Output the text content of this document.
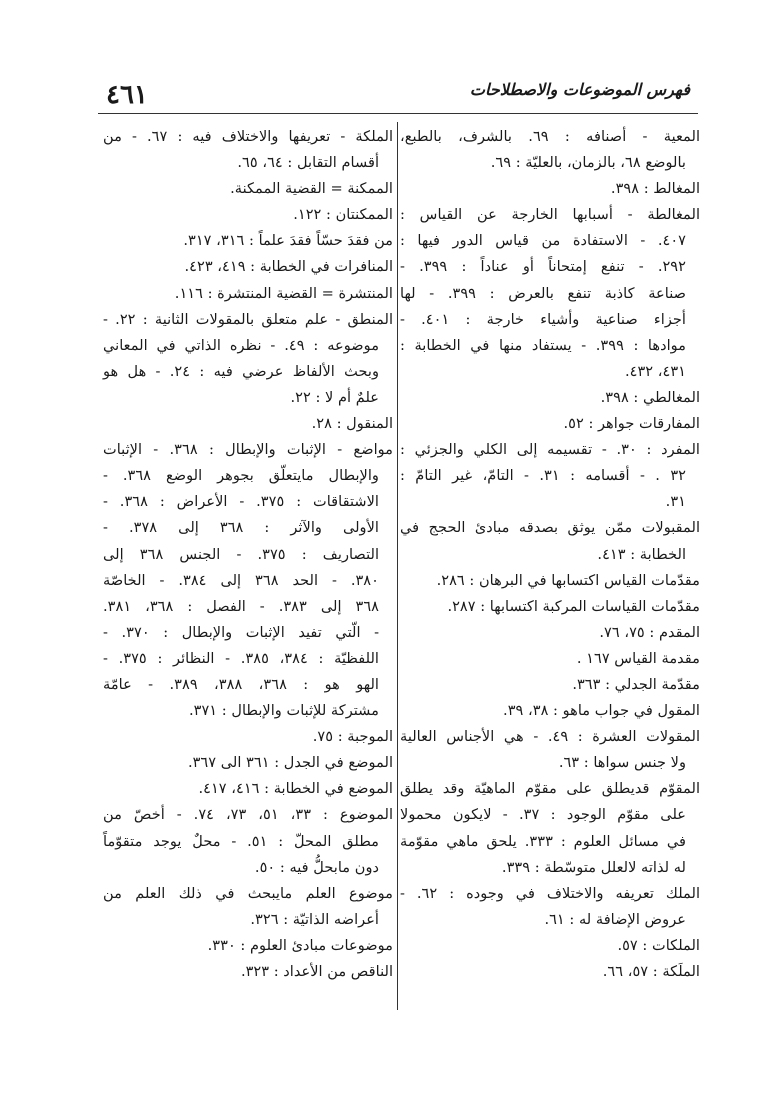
٤٦١	فهرس الموضوعات والاصطلاحات
المعية - أصنافه : ٦٩. بالشرف، بالطبع،
بالوضع ٦٨، بالزمان، بالعليّة : ٦٩.
المغالط : ٣٩٨.
المغالطة - أسبابها الخارجة عن القياس :
٤٠٧. - الاستفادة من قياس الدور فيها :
٢٩٢. - تنفع إمتحاناً أو عناداً : ٣٩٩. -
صناعة كاذبة تنفع بالعرض : ٣٩٩. - لها
أجزاء صناعية وأشياء خارجة : ٤٠١. -
موادها : ٣٩٩. - يستفاد منها في الخطابة :
٤٣١، ٤٣٢.
المغالطي : ٣٩٨.
المفارقات جواهر : ٥٢.
المفرد : ٣٠. - تقسيمه إلى الكلي والجزئي :
٣٢ . - أقسامه : ٣١. - التامّ، غير التامّ :
٣١.
المقبولات ممّن يوثق بصدقه مبادئ الحجج في
الخطابة : ٤١٣.
مقدّمات القياس اكتسابها في البرهان : ٢٨٦.
مقدّمات القياسات المركبة اكتسابها : ٢٨٧.
المقدم : ٧٥، ٧٦.
مقدمة القياس ١٦٧ .
مقدّمة الجدلي : ٣٦٣.
المقول في جواب ماهو : ٣٨، ٣٩.
المقولات العشرة : ٤٩. - هي الأجناس العالية
ولا جنس سواها : ٦٣.
المقوّم قديطلق على مقوّم الماهيّة وقد يطلق
على مقوّم الوجود : ٣٧. - لايكون محمولا
في مسائل العلوم : ٣٣٣. يلحق ماهي مقوّمة
له لذاته لالعلل متوسّطة : ٣٣٩.
الملك تعريفه والاختلاف في وجوده : ٦٢. -
عروض الإضافة له : ٦١.
الملكات : ٥٧.
الملَكة : ٥٧، ٦٦.
الملكة - تعريفها والاختلاف فيه : ٦٧. - من
أقسام التقابل : ٦٤، ٦٥.
الممكنة = القضية الممكنة.
الممكنتان : ١٢٢.
من فقدَ حسّاً فقدَ علماً : ٣١٦، ٣١٧.
المنافرات في الخطابة : ٤١٩، ٤٢٣.
المنتشرة = القضية المنتشرة : ١١٦.
المنطق - علم متعلق بالمقولات الثانية : ٢٢. -
موضوعه : ٤٩. - نظره الذاتي في المعاني
وبحث الألفاظ عرضي فيه : ٢٤. - هل هو
علمٌ أم لا : ٢٢.
المنقول : ٢٨.
مواضع - الإثبات والإبطال : ٣٦٨. - الإثبات
والإبطال مايتعلّق بجوهر الوضع ٣٦٨. -
الاشتقاقات : ٣٧٥. - الأعراض : ٣٦٨. -
الأولى والآثر : ٣٦٨ إلى ٣٧٨. -
التصاريف : ٣٧٥. - الجنس ٣٦٨ إلى
٣٨٠. - الحد ٣٦٨ إلى ٣٨٤. - الخاصّة
٣٦٨ إلى ٣٨٣. - الفصل : ٣٦٨، ٣٨١.
- الّتي تفيد الإثبات والإبطال : ٣٧٠. -
اللفظيّة : ٣٨٤، ٣٨٥. - النظائر : ٣٧٥. -
الهو هو : ٣٦٨، ٣٨٨، ٣٨٩. - عامّة
مشتركة للإثبات والإبطال : ٣٧١.
الموجبة : ٧٥.
الموضع في الجدل : ٣٦١ الى ٣٦٧.
الموضع في الخطابة : ٤١٦، ٤١٧.
الموضوع : ٣٣، ٥١، ٧٣، ٧٤. - أخصّ من
مطلق المحلّ : ٥١. - محلٌ يوجد متقوّماً
دون مابحلُّ فيه : ٥٠.
موضوع العلم مايبحث في ذلك العلم من
أعراضه الذاتيّة : ٣٢٦.
موضوعات مبادئ العلوم : ٣٣٠.
الناقص من الأعداد : ٣٢٣.
